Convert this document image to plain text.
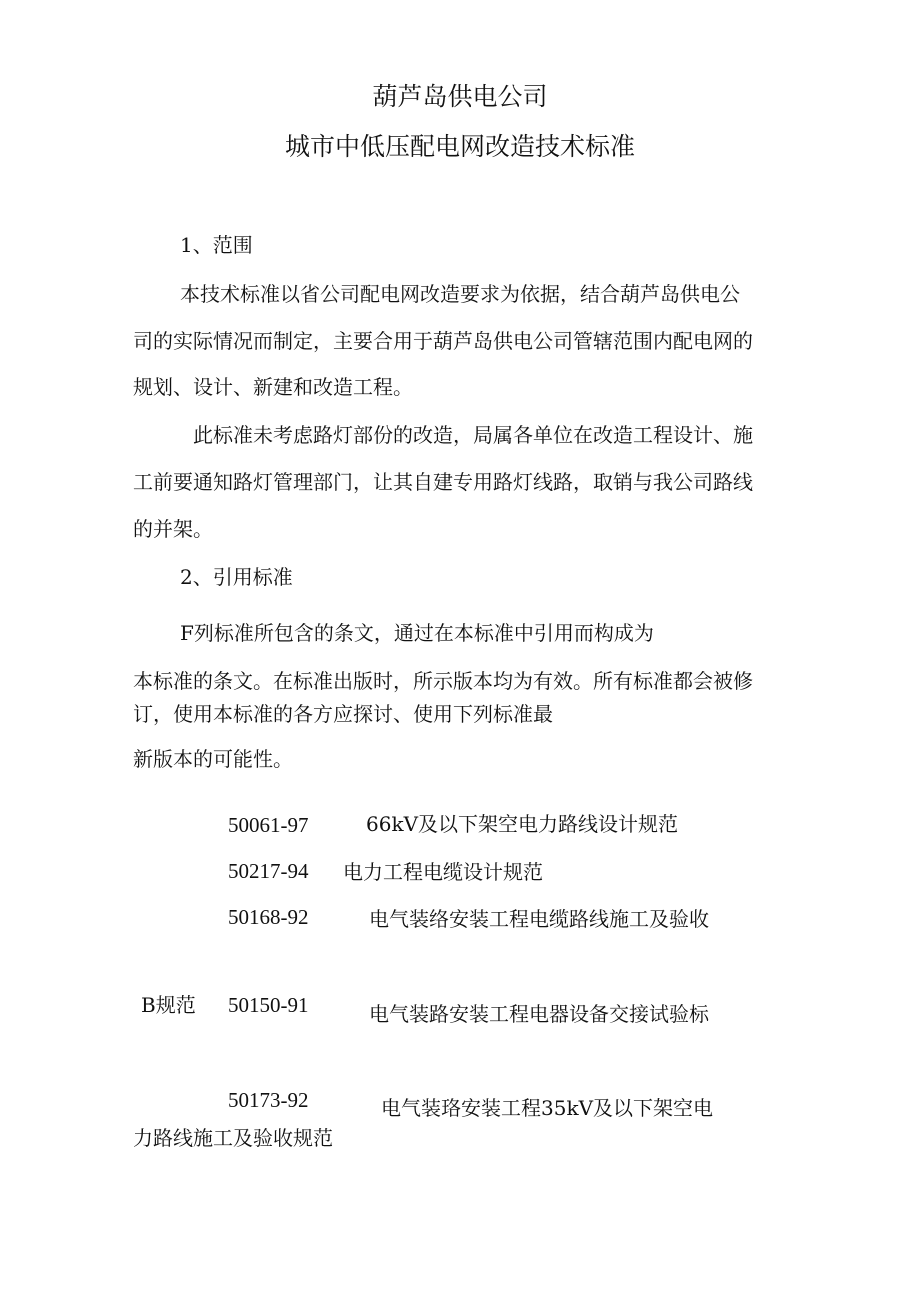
葫芦岛供电公司
城市中低压配电网改造技术标准
1、范围
本技术标准以省公司配电网改造要求为依据，结合葫芦岛供电公
司的实际情况而制定，主要合用于葫芦岛供电公司管辖范围内配电网的
规划、设计、新建和改造工程。
此标准未考虑路灯部份的改造，局属各单位在改造工程设计、施
工前要通知路灯管理部门，让其自建专用路灯线路，取销与我公司路线
的并架。
2、引用标准
F列标准所包含的条文，通过在本标准中引用而构成为
本标准的条文。在标准出版时，所示版本均为有效。所有标准都会被修
订，使用本标准的各方应探讨、使用下列标准最
新版本的可能性。
50061-97	66kV及以下架空电力路线设计规范
50217-94 电力工程电缆设计规范
50168-92	电气装络安装工程电缆路线施工及验收
B规范 50150-91	电气装路安装工程电器设备交接试验标
50173-92	电气装珞安装工程35kV及以下架空电
力路线施工及验收规范
